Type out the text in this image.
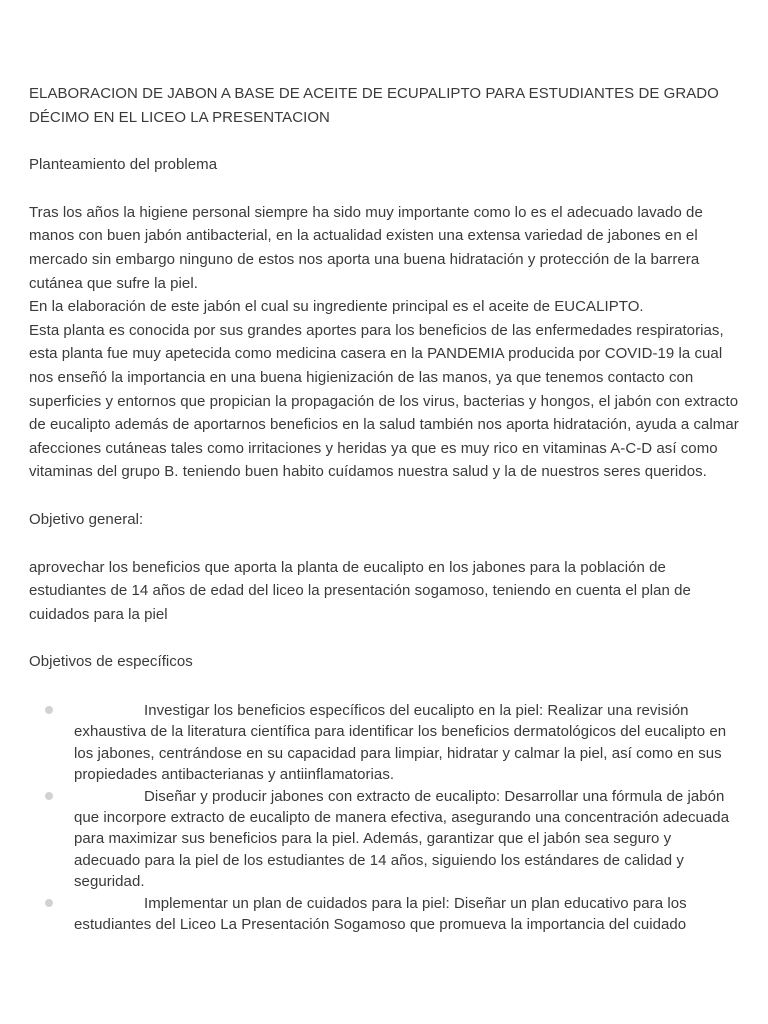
ELABORACION DE JABON A BASE DE ACEITE DE ECUPALIPTO PARA ESTUDIANTES DE GRADO DÉCIMO EN EL LICEO LA PRESENTACION

Planteamiento del problema

Tras los años la higiene personal siempre ha sido muy importante como lo es el adecuado lavado de manos con buen jabón antibacterial, en la actualidad existen una extensa variedad de jabones en el mercado sin embargo ninguno de estos nos aporta una buena hidratación y protección de la barrera cutánea que sufre la piel.

En la elaboración de este jabón el cual su ingrediente principal es el aceite de EUCALIPTO.

Esta planta es conocida por sus grandes aportes para los beneficios de las enfermedades respiratorias, esta planta fue muy apetecida como medicina casera en la PANDEMIA producida por COVID-19 la cual nos enseñó la importancia en una buena higienización de las manos, ya que tenemos contacto con superficies y entornos que propician la propagación de los virus, bacterias y hongos, el jabón con extracto de eucalipto además de aportarnos beneficios en la salud también nos aporta hidratación, ayuda a calmar afecciones cutáneas tales como irritaciones y heridas ya que es muy rico en vitaminas A-C-D así como vitaminas del grupo B. teniendo buen habito cuídamos nuestra salud y la de nuestros seres queridos.

Objetivo general:

aprovechar los beneficios que aporta la planta de eucalipto en los jabones para la población de estudiantes de 14 años de edad del liceo la presentación sogamoso, teniendo en cuenta el plan de cuidados para la piel

Objetivos de específicos

Investigar los beneficios específicos del eucalipto en la piel: Realizar una revisión exhaustiva de la literatura científica para identificar los beneficios dermatológicos del eucalipto en los jabones, centrándose en su capacidad para limpiar, hidratar y calmar la piel, así como en sus propiedades antibacterianas y antiinflamatorias.
Diseñar y producir jabones con extracto de eucalipto: Desarrollar una fórmula de jabón que incorpore extracto de eucalipto de manera efectiva, asegurando una concentración adecuada para maximizar sus beneficios para la piel. Además, garantizar que el jabón sea seguro y adecuado para la piel de los estudiantes de 14 años, siguiendo los estándares de calidad y seguridad.
Implementar un plan de cuidados para la piel: Diseñar un plan educativo para los estudiantes del Liceo La Presentación Sogamoso que promueva la importancia del cuidado
